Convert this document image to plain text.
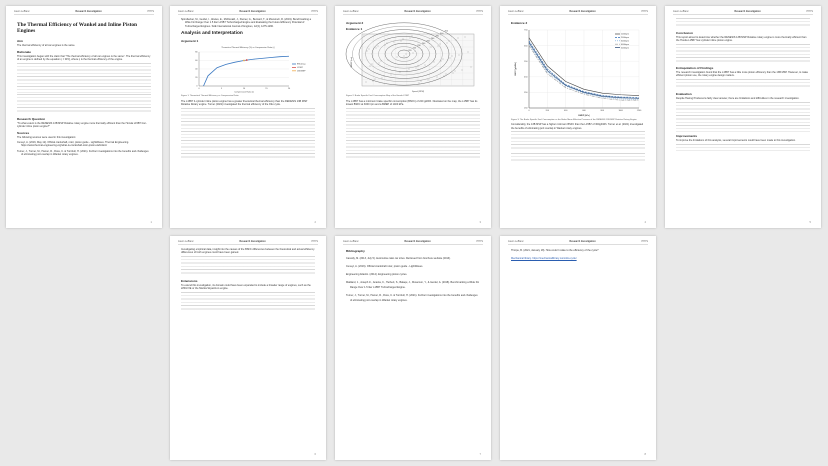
Jason LeBlanc	Research Investigation	PHYS
The Thermal Efficiency of Wankel and Inline Piston Engines
Aim
The thermal efficiency of all car engines is the same.
Rationale
This investigation began with the claim that "The thermal efficiency of all car engines is the same". The thermal efficiency of an engine is defined by the equation η = W/Q, where η is the thermal efficiency of the engine.
Research Question
"To what extent is the RENESIS 13B MSP Rotative rotary engine more thermally efficient than the Honda L15B7 four-cylinder inline piston engine?"
Sources
The following sources were used in this investigation:
Cuneyt, A. (2016, May 12). Official crankshaft, rotor, piston guide - LightWaves. Thermal Engineering. https://www.thermal-engineering.org/what-is-crankshaft-rotor-piston-definition/
Turner, J., Turner, M., Hamer, R., Ross, C. & Turnbull, H. (2021). Further investigations into the benefits and challenges of eliminating port overlap in Wankel rotary engines.
1
Jason LeBlanc	Research Investigation	PHYS
Spindlecker, M., Gerdel, I., Abeles, E., McDonald, J., Kleiner, G., Bernard, T., & Moosmeh, R. (2019). Benchmarking a Wide Fin Range Over 1.5 liter L15B7 Turbocharged Engine and Evaluating the Future Efficiency Potential of Turbocharged Engines. SAE International Journal of Engines, 12(4), 1275-1290.
Analysis and Interpretation
Argument 1
Theoretical Thermal Efficiency (%) vs Compression Ratio (r)
0
20
40
60
80
0	5	10	15	20
Compression Ratio (r)
Efficiency
L15B7
13B MSP
Figure 1: Theoretical Thermal Efficiency vs Compression Ratio
The L15B7 4-cylinder inline piston engine has a greater theoretical thermal efficiency than the RENESIS 13B MSP Rotative Rotary engine. Turner (2021) investigated the thermal efficiency of the Otto cycle.
2
Jason LeBlanc	Research Investigation	PHYS
Argument 2
Evidence 1
220
225
230
240
250
260
280
300
350
Speed (RPM)
BMEP (bar)
Figure 2: Brake Specific Fuel Consumption Map of the Honda L15B7
The L15B7 has a minimum brake specific consumption (BSFC) of 220 g/kWh. Illustrated on the map, the L15B7 has its lowest BSFC at 3000 rpm and a BMEP of 1400 kPa.
3
Jason LeBlanc	Research Investigation	PHYS
Evidence 2
250
350
450
550
650
750
0	200	400	600	800	1000	1200
1000rpm
2000rpm
3000rpm
4000rpm
5000rpm
BMEP [kPa]
BSFC [g/kWh]
Figure 3: The Brake Specific Fuel Consumption vs the Brake Mean Effective Pressure of the RENESIS 13B MSP Rotative Rotary Engine
Considerably, the 13B MSP has a higher minimum BSFC than the L15B7 of 300g/kWh. Turner et al. (2021) investigated the benefits of eliminating port overlap in Wankel rotary engines.
4
Jason LeBlanc	Research Investigation	PHYS
Conclusion
This report aimed to determine whether the RENESIS 13B MSP Rotative rotary engine is more thermally efficient than the Honda L15B7 four-cylinder inline piston engine.
Extrapolation of Findings
The research investigation found that the L15B7 has a little more piston efficiency than the 13B MSP. However, to make efficient piston use, the rotary engine design matters.
Evaluation
Despite Having Produced a fairly clear answer, there are limitations and difficulties in the research investigation.
Improvements
To improve the limitations of this analysis, several improvements could have been made to this investigation.
5
Jason LeBlanc	Research Investigation	PHYS
Investigating empirical data, insight into the causes of the BSFC differences between the theoretical and actual efficiency differences of both engines could have been gained.
Extensions
To extend this investigation, its domain could have been expanded to include a broader range of engines, such as the 2ZR-FXE or the Mazda Skyactiv-G engine.
6
Jason LeBlanc	Research Investigation	PHYS
Bibliography
Cassidy, M. (2013, July 5). Automotive ratio car sizes. Retrieved from brochure website (2013).
Cuneyt, A. (2016). Official crankshaft rotor, piston guide - LightWaves.
Engineering Atlantic. (2014). Engineering piston cycles.
Maitland, J., Joseph Jr., Ananta, C., Herbert, S., Balaqu, J., Mosemon, Y., & Gerdel, A. (2018). Benchmarking a Wide Fin Range Over 1.5 liter L15B7 Turbocharged Engine.
Turner, J., Turner, M., Hamer, R., Ross, C. & Turnbull, H. (2021). Further investigations into the benefits and challenges of eliminating port overlap in Wankel rotary engines.
7
Jason LeBlanc	Research Investigation	PHYS
Thorpe, B. (2021, January 18). How could I relate to the efficiency of the cycle?
Mechanical library. https://mechanicallibrary.com/otto-cycle/
8
